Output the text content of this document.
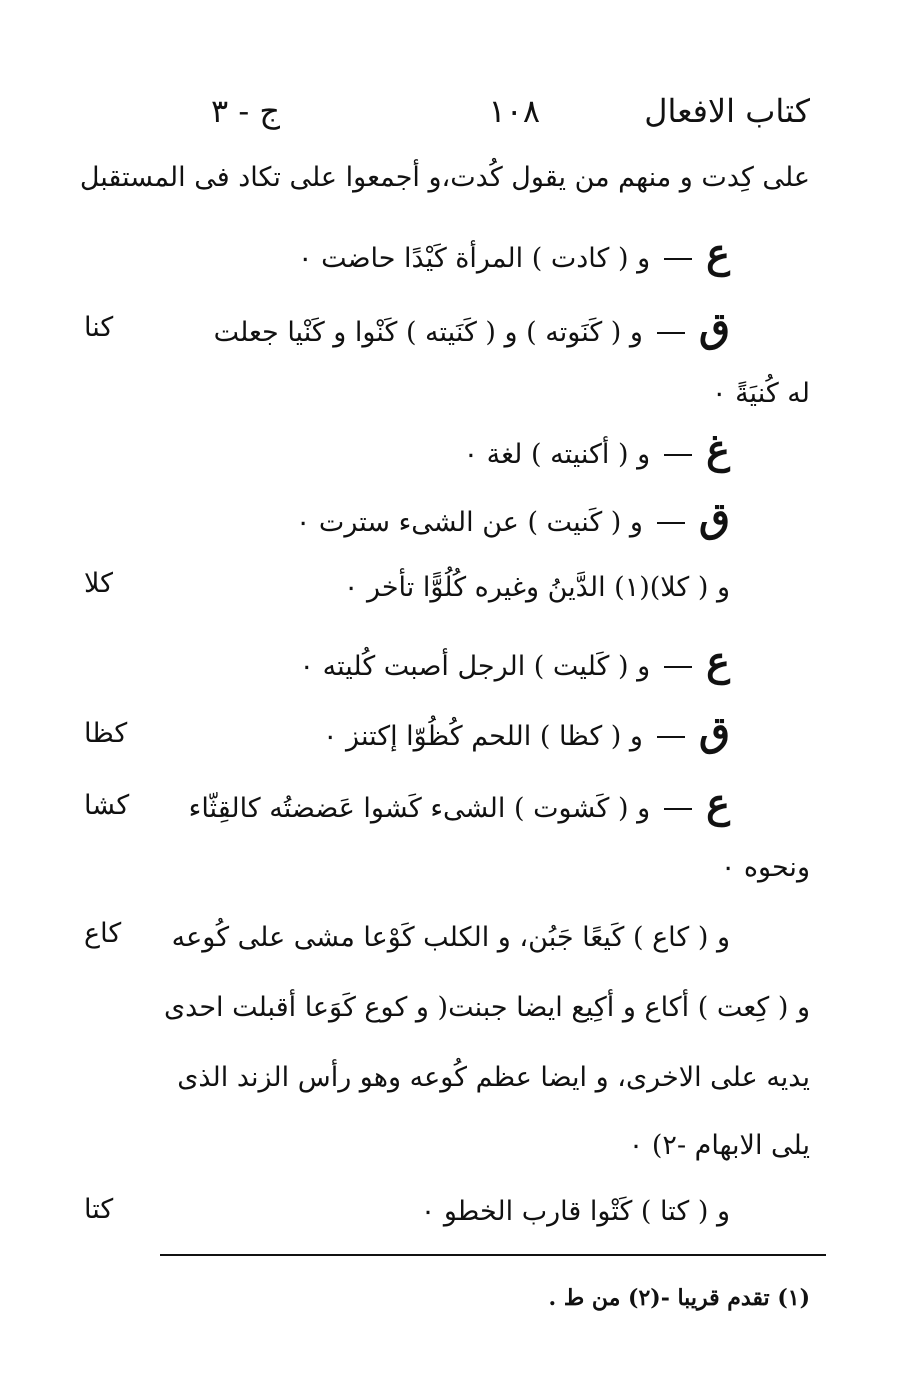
كتاب الافعال
١٠٨
ج - ٣
على كِدت و منهم من يقول كُدت،و أجمعوا على تكاد فى المستقبل
ع
و ( كادت ) المرأة كَيْدًا حاضت ٠
ق
و ( كَنَوته ) و ( كَنَيته ) كَنْوا و كَنْيا جعلت
كنا
له كُنيَةً ٠
غ
و ( أكنيته ) لغة ٠
ق
و ( كَنيت ) عن الشىء سترت ٠
و ( كلا)(١) الدَّينُ وغيره كُلُوًّا تأخر ٠
كلا
ع
و ( كَليت ) الرجل أصبت كُليته ٠
ق
و ( كظا ) اللحم كُظُوّا إكتنز ٠
كظا
ع
و ( كَشوت ) الشىء كَشوا عَضضتُه كالقِثّاء
كشا
ونحوه ٠
و ( كاع ) كَيعًا جَبُن، و الكلب كَوْعا مشى على كُوعه
كاع
و ( كِعت ) أكاع و أكِيع ايضا جبنت( و كوع كَوَعا أقبلت احدى
يديه على الاخرى، و ايضا عظم كُوعه وهو رأس الزند الذى
يلى الابهام -٢) ٠
و ( كتا ) كَتْوا قارب الخطو ٠
كتا
(١) تقدم قريبا -(٢) من ط .
